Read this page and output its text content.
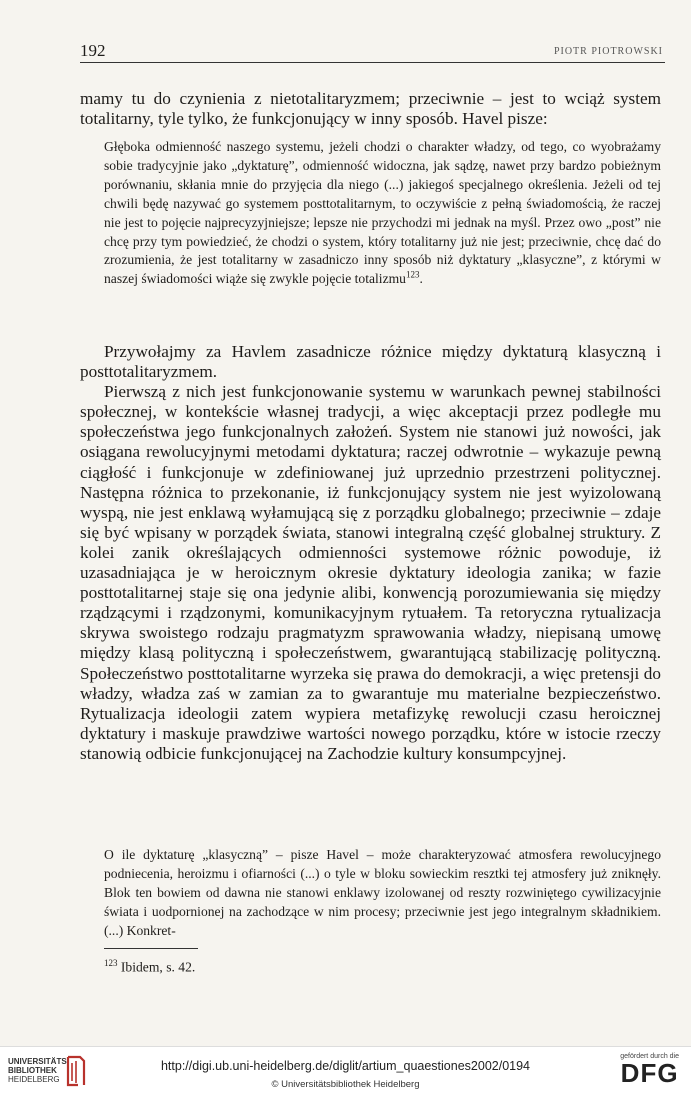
192	PIOTR PIOTROWSKI

mamy tu do czynienia z nietotalitaryzmem; przeciwnie – jest to wciąż system totalitarny, tyle tylko, że funkcjonujący w inny sposób. Havel pisze:

Głęboka odmienność naszego systemu, jeżeli chodzi o charakter władzy, od tego, co wyobrażamy sobie tradycyjnie jako „dyktaturę”, odmienność widoczna, jak sądzę, nawet przy bardzo pobieżnym porównaniu, skłania mnie do przyjęcia dla niego (...) jakiegoś specjalnego określenia. Jeżeli od tej chwili będę nazywać go systemem posttotalitarnym, to oczywiście z pełną świadomością, że raczej nie jest to pojęcie najprecyzyjniejsze; lepsze nie przychodzi mi jednak na myśl. Przez owo „post” nie chcę przy tym powiedzieć, że chodzi o system, który totalitarny już nie jest; przeciwnie, chcę dać do zrozumienia, że jest totalitarny w zasadniczo inny sposób niż dyktatury „klasyczne”, z którymi w naszej świadomości wiąże się zwykle pojęcie totalizmu$^{123}$.

Przywołajmy za Havlem zasadnicze różnice między dyktaturą klasyczną i posttotalitaryzmem.

Pierwszą z nich jest funkcjonowanie systemu w warunkach pewnej stabilności społecznej, w kontekście własnej tradycji, a więc akceptacji przez podległe mu społeczeństwa jego funkcjonalnych założeń. System nie stanowi już nowości, jak osiągana rewolucyjnymi metodami dyktatura; raczej odwrotnie – wykazuje pewną ciągłość i funkcjonuje w zdefiniowanej już uprzednio przestrzeni politycznej. Następna różnica to przekonanie, iż funkcjonujący system nie jest wyizolowaną wyspą, nie jest enklawą wyłamującą się z porządku globalnego; przeciwnie – zdaje się być wpisany w porządek świata, stanowi integralną część globalnej struktury. Z kolei zanik określających odmienności systemowe różnic powoduje, iż uzasadniająca je w heroicznym okresie dyktatury ideologia zanika; w fazie posttotalitarnej staje się ona jedynie alibi, konwencją porozumiewania się między rządzącymi i rządzonymi, komunikacyjnym rytuałem. Ta retoryczna rytualizacja skrywa swoistego rodzaju pragmatyzm sprawowania władzy, niepisaną umowę między klasą polityczną i społeczeństwem, gwarantującą stabilizację polityczną. Społeczeństwo posttotalitarne wyrzeka się prawa do demokracji, a więc pretensji do władzy, władza zaś w zamian za to gwarantuje mu materialne bezpieczeństwo. Rytualizacja ideologii zatem wypiera metafizykę rewolucji czasu heroicznej dyktatury i maskuje prawdziwe wartości nowego porządku, które w istocie rzeczy stanowią odbicie funkcjonującej na Zachodzie kultury konsumpcyjnej.

O ile dyktaturę „klasyczną” – pisze Havel – może charakteryzować atmosfera rewolucyjnego podniecenia, heroizmu i ofiarności (...) o tyle w bloku sowieckim resztki tej atmosfery już zniknęły. Blok ten bowiem od dawna nie stanowi enklawy izolowanej od reszty rozwiniętego cywilizacyjnie świata i uodpornionej na zachodzące w nim procesy; przeciwnie jest jego integralnym składnikiem. (...) Konkret-
$^{123}$ Ibidem, s. 42.
UNIVERSITÄTS-
BIBLIOTHEK
HEIDELBERG
http://digi.ub.uni-heidelberg.de/diglit/artium_quaestiones2002/0194
© Universitätsbibliothek Heidelberg
gefördert durch die
DFG
